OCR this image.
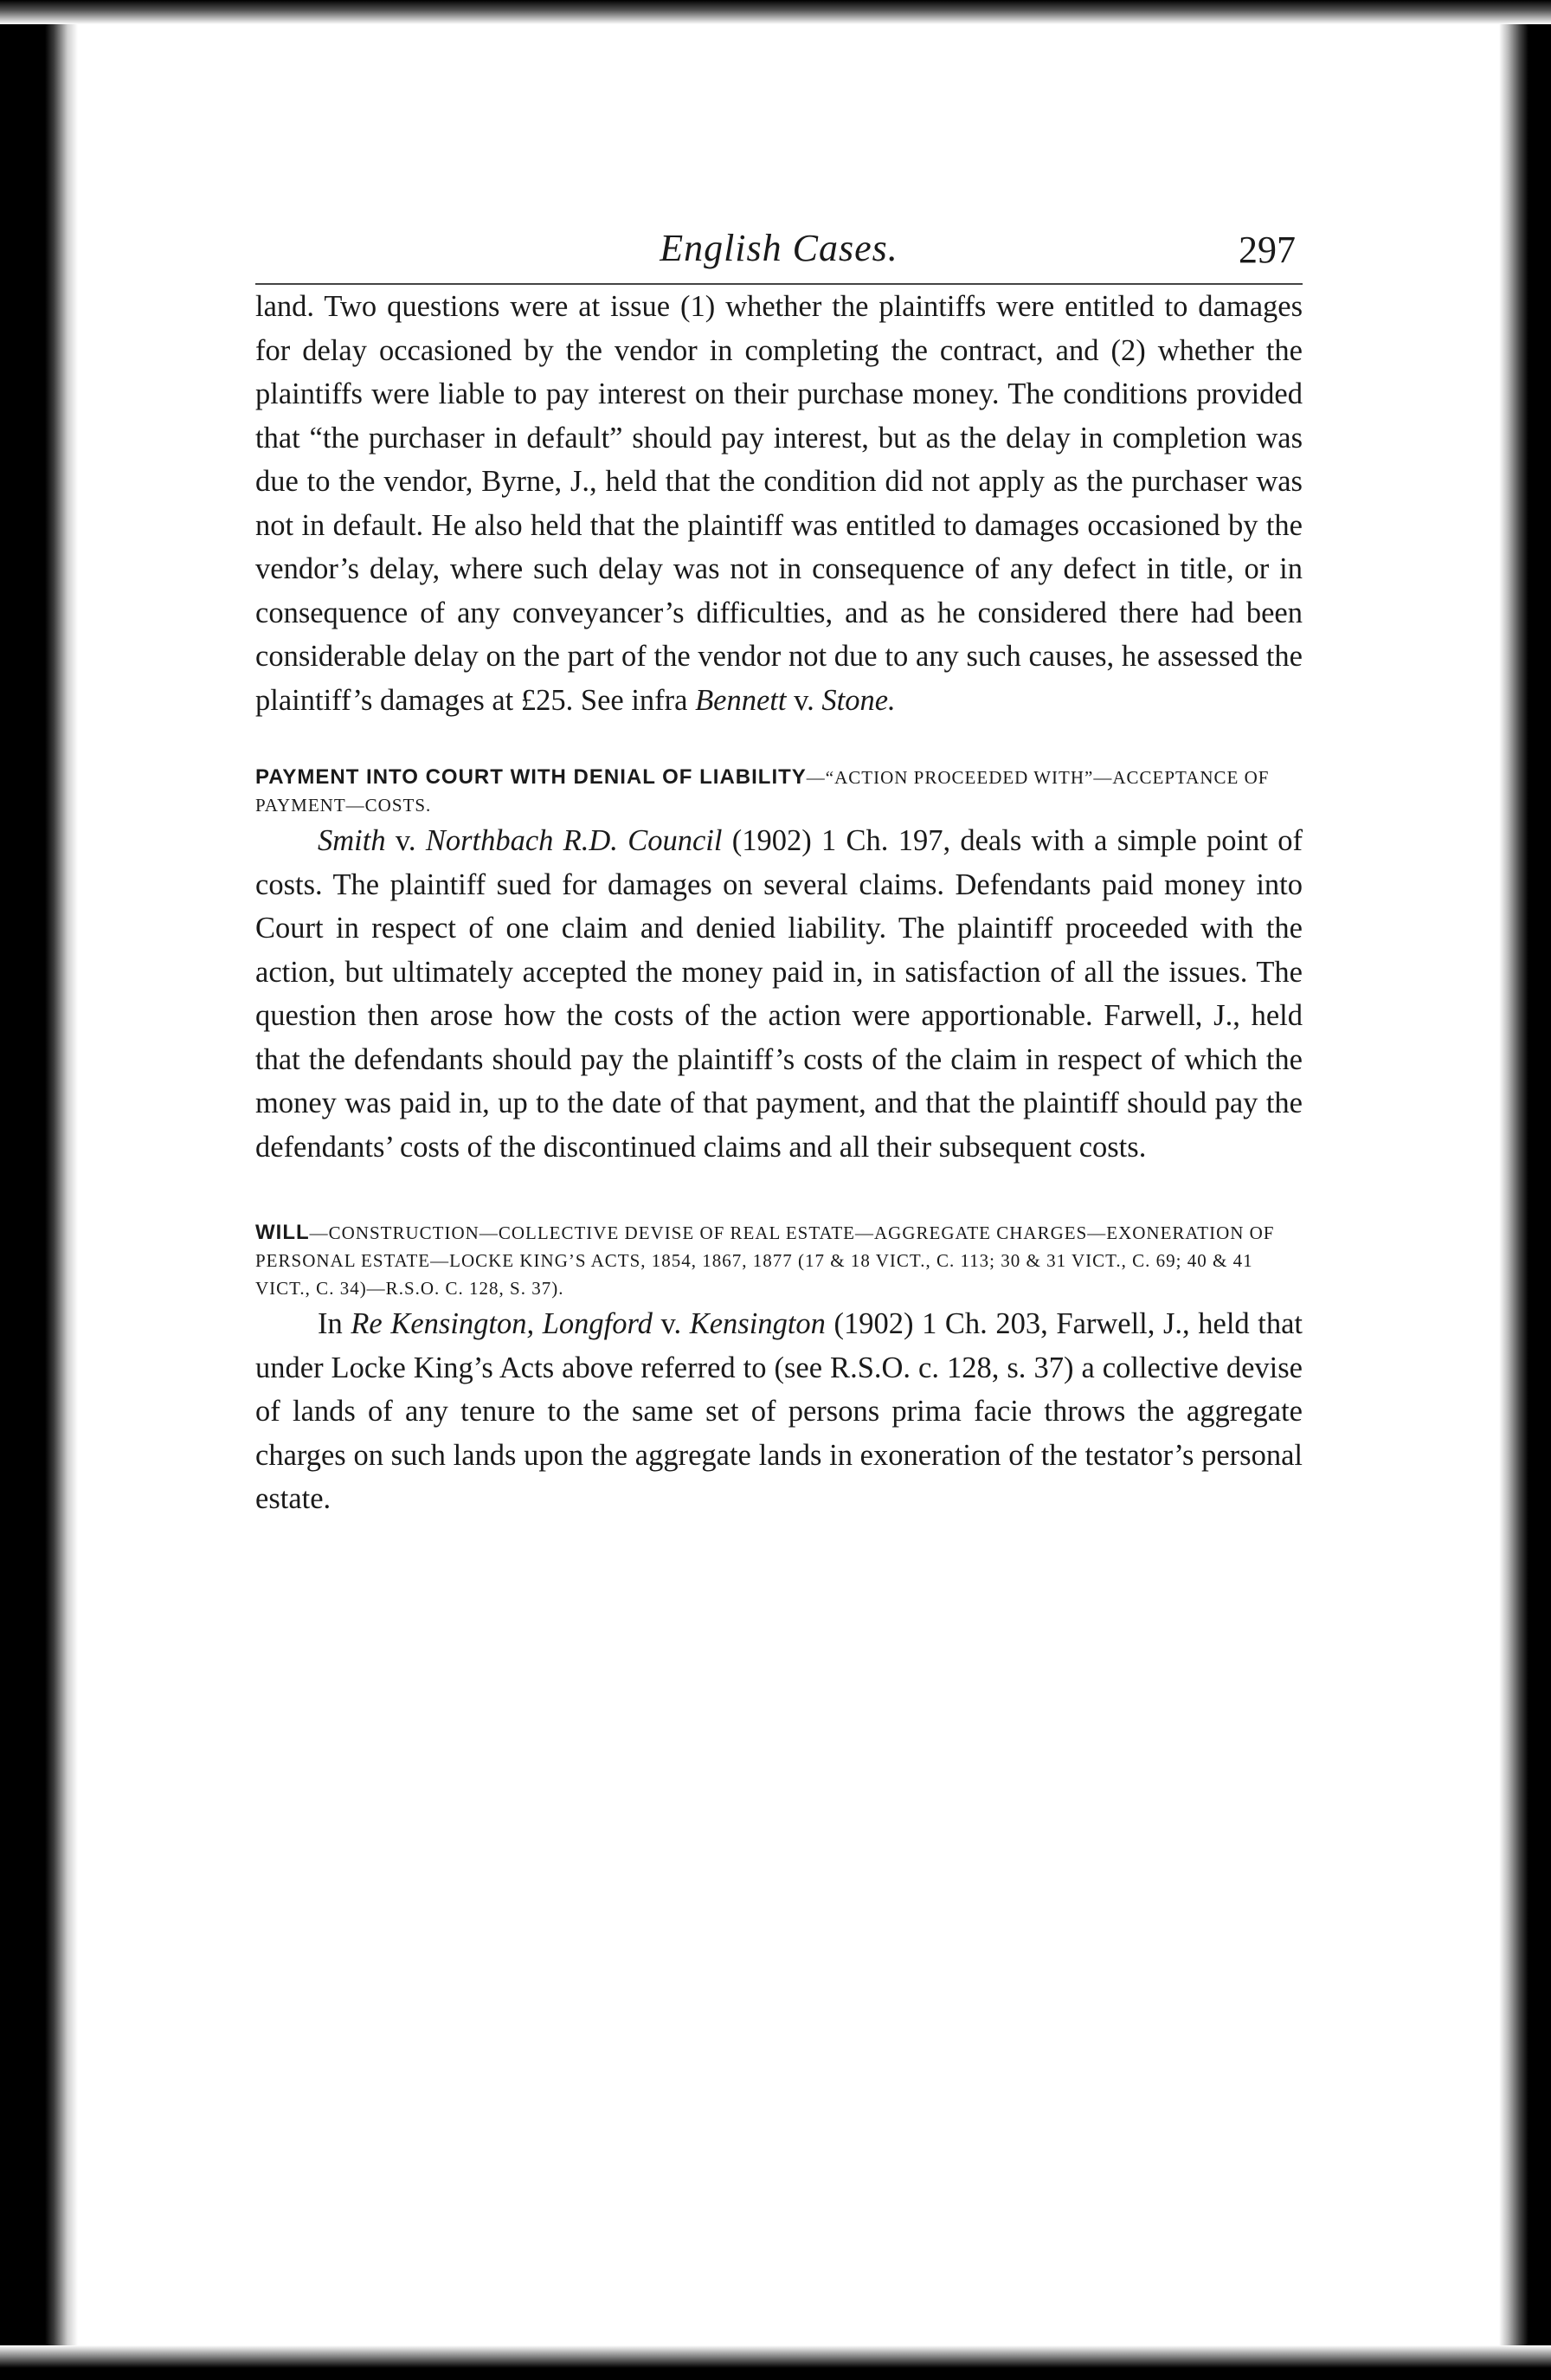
English Cases.	297

land. Two questions were at issue (1) whether the plaintiffs were entitled to damages for delay occasioned by the vendor in completing the contract, and (2) whether the plaintiffs were liable to pay interest on their purchase money. The conditions provided that “the purchaser in default” should pay interest, but as the delay in completion was due to the vendor, Byrne, J., held that the condition did not apply as the purchaser was not in default. He also held that the plaintiff was entitled to damages occasioned by the vendor’s delay, where such delay was not in consequence of any defect in title, or in consequence of any conveyancer’s difficulties, and as he considered there had been considerable delay on the part of the vendor not due to any such causes, he assessed the plaintiff’s damages at £25. See infra Bennett v. Stone.

PAYMENT INTO COURT WITH DENIAL OF LIABILITY—“ACTION PROCEEDED WITH”—ACCEPTANCE OF PAYMENT—COSTS.

Smith v. Northbach R.D. Council (1902) 1 Ch. 197, deals with a simple point of costs. The plaintiff sued for damages on several claims. Defendants paid money into Court in respect of one claim and denied liability. The plaintiff proceeded with the action, but ultimately accepted the money paid in, in satisfaction of all the issues. The question then arose how the costs of the action were apportionable. Farwell, J., held that the defendants should pay the plaintiff’s costs of the claim in respect of which the money was paid in, up to the date of that payment, and that the plaintiff should pay the defendants’ costs of the discontinued claims and all their subsequent costs.

WILL—CONSTRUCTION—COLLECTIVE DEVISE OF REAL ESTATE—AGGREGATE CHARGES—EXONERATION OF PERSONAL ESTATE—LOCKE KING’S ACTS, 1854, 1867, 1877 (17 & 18 VICT., C. 113; 30 & 31 VICT., C. 69; 40 & 41 VICT., C. 34)—R.S.O. C. 128, S. 37).

In Re Kensington, Longford v. Kensington (1902) 1 Ch. 203, Farwell, J., held that under Locke King’s Acts above referred to (see R.S.O. c. 128, s. 37) a collective devise of lands of any tenure to the same set of persons prima facie throws the aggregate charges on such lands upon the aggregate lands in exoneration of the testator’s personal estate.
